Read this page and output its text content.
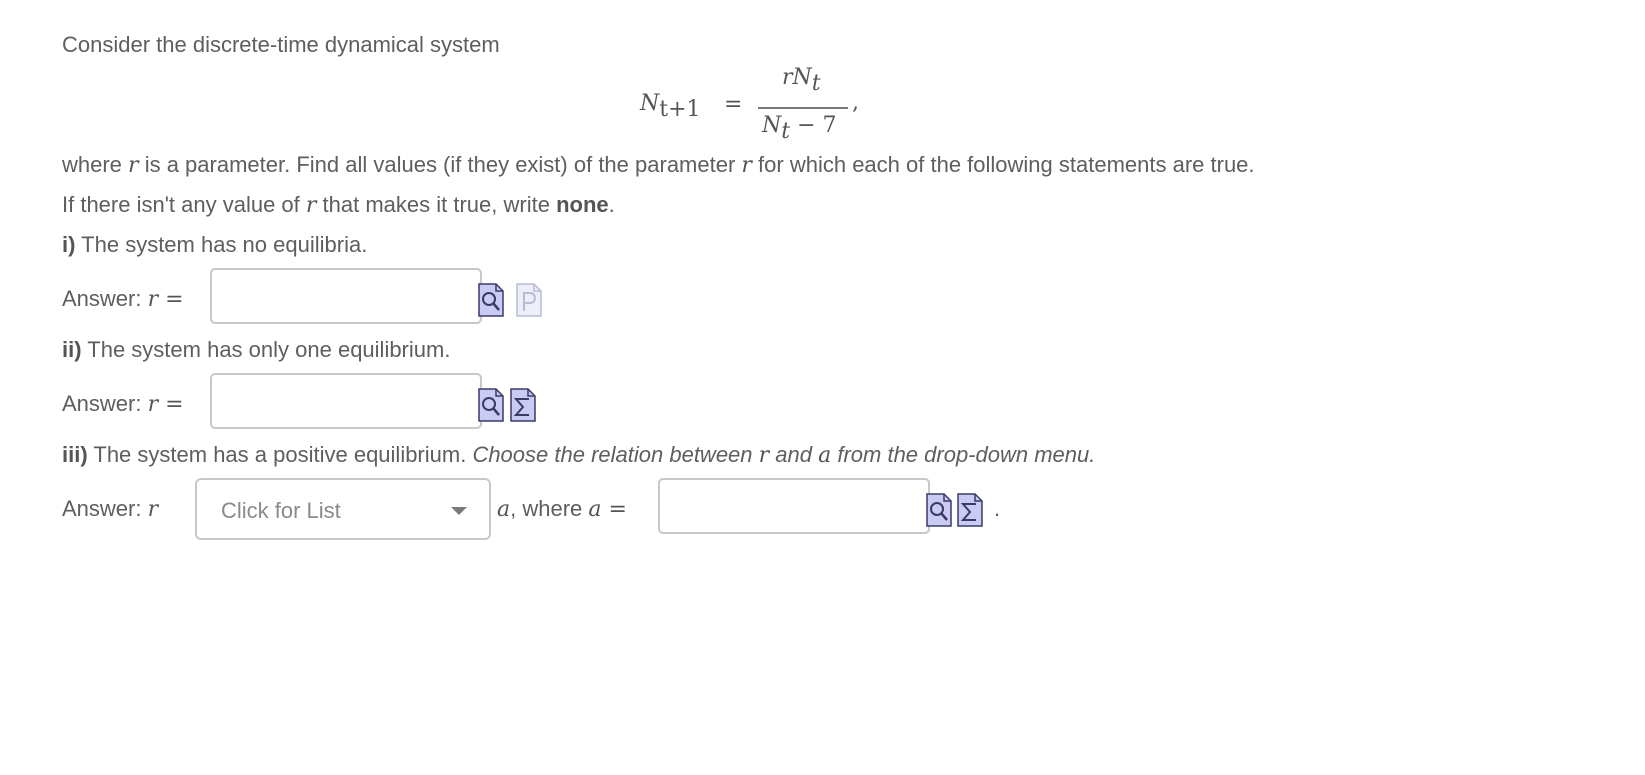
Consider the discrete-time dynamical system
$N_{t+1}$ =
$rN_t$
$N_t - 7$
,
where r is a parameter. Find all values (if they exist) of the parameter r for which each of the following statements are true.
If there isn't any value of r that makes it true, write none.
i) The system has no equilibria.
Answer: r =
ii) The system has only one equilibrium.
Answer: r =
iii) The system has a positive equilibrium. Choose the relation between r and a from the drop-down menu.
Answer: r	Click for List	a, where a =	.
